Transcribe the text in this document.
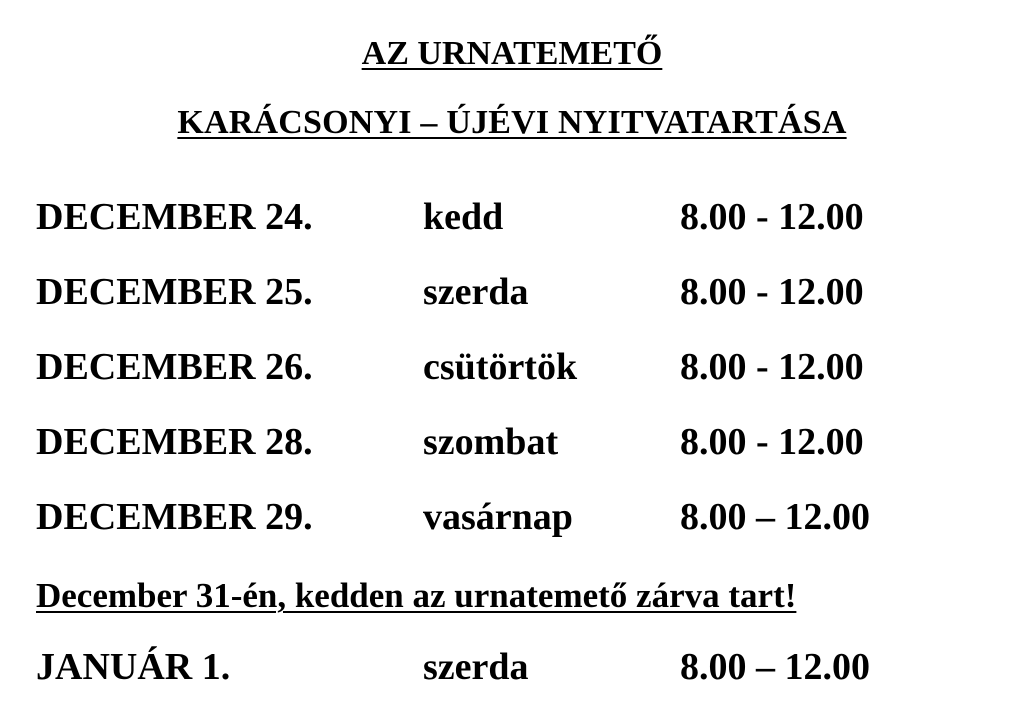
AZ URNATEMETŐ
KARÁCSONYI – ÚJÉVI NYITVATARTÁSA
DECEMBER 24.	kedd	8.00 - 12.00
DECEMBER 25.	szerda	8.00 - 12.00
DECEMBER 26.	csütörtök	8.00 - 12.00
DECEMBER 28.	szombat	8.00 - 12.00
DECEMBER 29.	vasárnap	8.00 – 12.00
December 31-én, kedden az urnatemető zárva tart!
JANUÁR 1.	szerda	8.00 – 12.00
